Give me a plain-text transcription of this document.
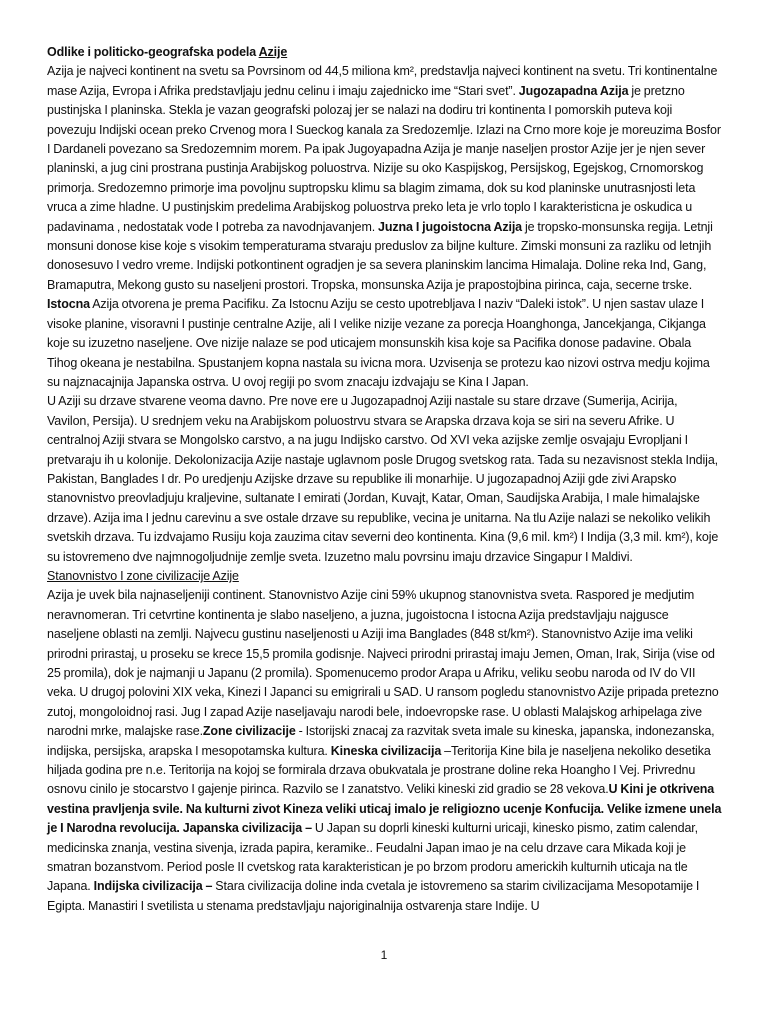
Odlike i politicko-geografska podela Azije

Azija je najveci kontinent na svetu sa Povrsinom od 44,5 miliona km², predstavlja najveci kontinent na svetu. Tri kontinentalne mase Azija, Evropa i Afrika predstavljaju jednu celinu i imaju zajednicko ime “Stari svet”. Jugozapadna Azija je pretzno pustinjska I planinska. Stekla je vazan geografski polozaj jer se nalazi na dodiru tri kontinenta I pomorskih puteva koji povezuju Indijski ocean preko Crvenog mora I Sueckog kanala za Sredozemlje. Izlazi na Crno more koje je moreuzima Bosfor I Dardaneli povezano sa Sredozemnim morem. Pa ipak Jugoyapadna Azija je manje naseljen prostor Azije jer je njen sever planinski, a jug cini prostrana pustinja Arabijskog poluostrva. Nizije su oko Kaspijskog, Persijskog, Egejskog, Crnomorskog primorja. Sredozemno primorje ima povoljnu suptropsku klimu sa blagim zimama, dok su kod planinske unutrasnjosti leta vruca a zime hladne. U pustinjskim predelima Arabijskog poluostrva preko leta je vrlo toplo I karakteristicna je oskudica u padavinama , nedostatak vode I potreba za navodnjavanjem. Juzna I jugoistocna Azija je tropsko-monsunska regija. Letnji monsuni donose kise koje s visokim temperaturama stvaraju preduslov za biljne kulture. Zimski monsuni za razliku od letnjih donosesuvo I vedro vreme. Indijski potkontinent ogradjen je sa severa planinskim lancima Himalaja. Doline reka Ind, Gang, Bramaputra, Mekong gusto su naseljeni prostori. Tropska, monsunska Azija je prapostojbina pirinca, caja, secerne trske. Istocna Azija otvorena je prema Pacifiku. Za Istocnu Aziju se cesto upotrebljava I naziv “Daleki istok”. U njen sastav ulaze I visoke planine, visoravni I pustinje centralne Azije, ali I velike nizije vezane za porecja Hoanghonga, Jancekjanga, Cikjanga koje su izuzetno naseljene. Ove nizije nalaze se pod uticajem monsunskih kisa koje sa Pacifika donose padavine. Obala Tihog okeana je nestabilna. Spustanjem kopna nastala su ivicna mora. Uzvisenja se protezu kao nizovi ostrva medju kojima su najznacajnija Japanska ostrva. U ovoj regiji po svom znacaju izdvajaju se Kina I Japan.

U Aziji su drzave stvarene veoma davno. Pre nove ere u Jugozapadnoj Aziji nastale su stare drzave (Sumerija, Acirija, Vavilon, Persija). U srednjem veku na Arabijskom poluostrvu stvara se Arapska drzava koja se siri na severu Afrike. U centralnoj Aziji stvara se Mongolsko carstvo, a na jugu Indijsko carstvo. Od XVI veka azijske zemlje osvajaju Evropljani I pretvaraju ih u kolonije. Dekolonizacija Azije nastaje uglavnom posle Drugog svetskog rata. Tada su nezavisnost stekla Indija, Pakistan, Banglades I dr. Po uredjenju Azijske drzave su republike ili monarhije. U jugozapadnoj Aziji gde zivi Arapsko stanovnistvo preovladjuju kraljevine, sultanate I emirati (Jordan, Kuvajt, Katar, Oman, Saudijska Arabija, I male himalajske drzave). Azija ima I jednu carevinu a sve ostale drzave su republike, vecina je unitarna. Na tlu Azije nalazi se nekoliko velikih svetskih drzava. Tu izdvajamo Rusiju koja zauzima citav severni deo kontinenta. Kina (9,6 mil. km²) I Indija (3,3 mil. km²), koje su istovremeno dve najmnogoljudnije zemlje sveta. Izuzetno malu povrsinu imaju drzavice Singapur I Maldivi.

Stanovnistvo I zone civilizacije Azije

Azija je uvek bila najnaseljeniji continent. Stanovnistvo Azije cini 59% ukupnog stanovnistva sveta. Raspored je medjutim neravnomeran. Tri cetvrtine kontinenta je slabo naseljeno, a juzna, jugoistocna I istocna Azija predstavljaju najgusce naseljene oblasti na zemlji. Najvecu gustinu naseljenosti u Aziji ima Banglades (848 st/km²). Stanovnistvo Azije ima veliki prirodni prirastaj, u proseku se krece 15,5 promila godisnje. Najveci prirodni prirastaj imaju Jemen, Oman, Irak, Sirija (vise od 25 promila), dok je najmanji u Japanu (2 promila). Spomenucemo prodor Arapa u Afriku, veliku seobu naroda od IV do VII veka. U drugoj polovini XIX veka, Kinezi I Japanci su emigrirali u SAD. U ransom pogledu stanovnistvo Azije pripada pretezno zutoj, mongoloidnoj rasi. Jug I zapad Azije naseljavaju narodi bele, indoevropske rase. U oblasti Malajskog arhipelaga zive narodni mrke, malajske rase.Zone civilizacije - Istorijski znacaj za razvitak sveta imale su kineska, japanska, indonezanska, indijska, persijska, arapska I mesopotamska kultura. Kineska civilizacija –Teritorija Kine bila je naseljena nekoliko desetika hiljada godina pre n.e. Teritorija na kojoj se formirala drzava obukvatala je prostrane doline reka Hoangho I Vej. Privrednu osnovu cinilo je stocarstvo I gajenje pirinca. Razvilo se I zanatstvo. Veliki kineski zid gradio se 28 vekova.U Kini je otkrivena vestina pravljenja svile. Na kulturni zivot Kineza veliki uticaj imalo je religiozno ucenje Konfucija. Velike izmene unela je I Narodna revolucija. Japanska civilizacija – U Japan su doprli kineski kulturni uricaji, kinesko pismo, zatim calendar, medicinska znanja, vestina sivenja, izrada papira, keramike.. Feudalni Japan imao je na celu drzave cara Mikada koji je smatran bozanstvom. Period posle II cvetskog rata karakteristican je po brzom prodoru americkih kulturnih uticaja na tle Japana. Indijska civilizacija – Stara civilizacija doline inda cvetala je istovremeno sa starim civilizacijama Mesopotamije I Egipta. Manastiri I svetilista u stenama predstavljaju najoriginalnija ostvarenja stare Indije. U

1
